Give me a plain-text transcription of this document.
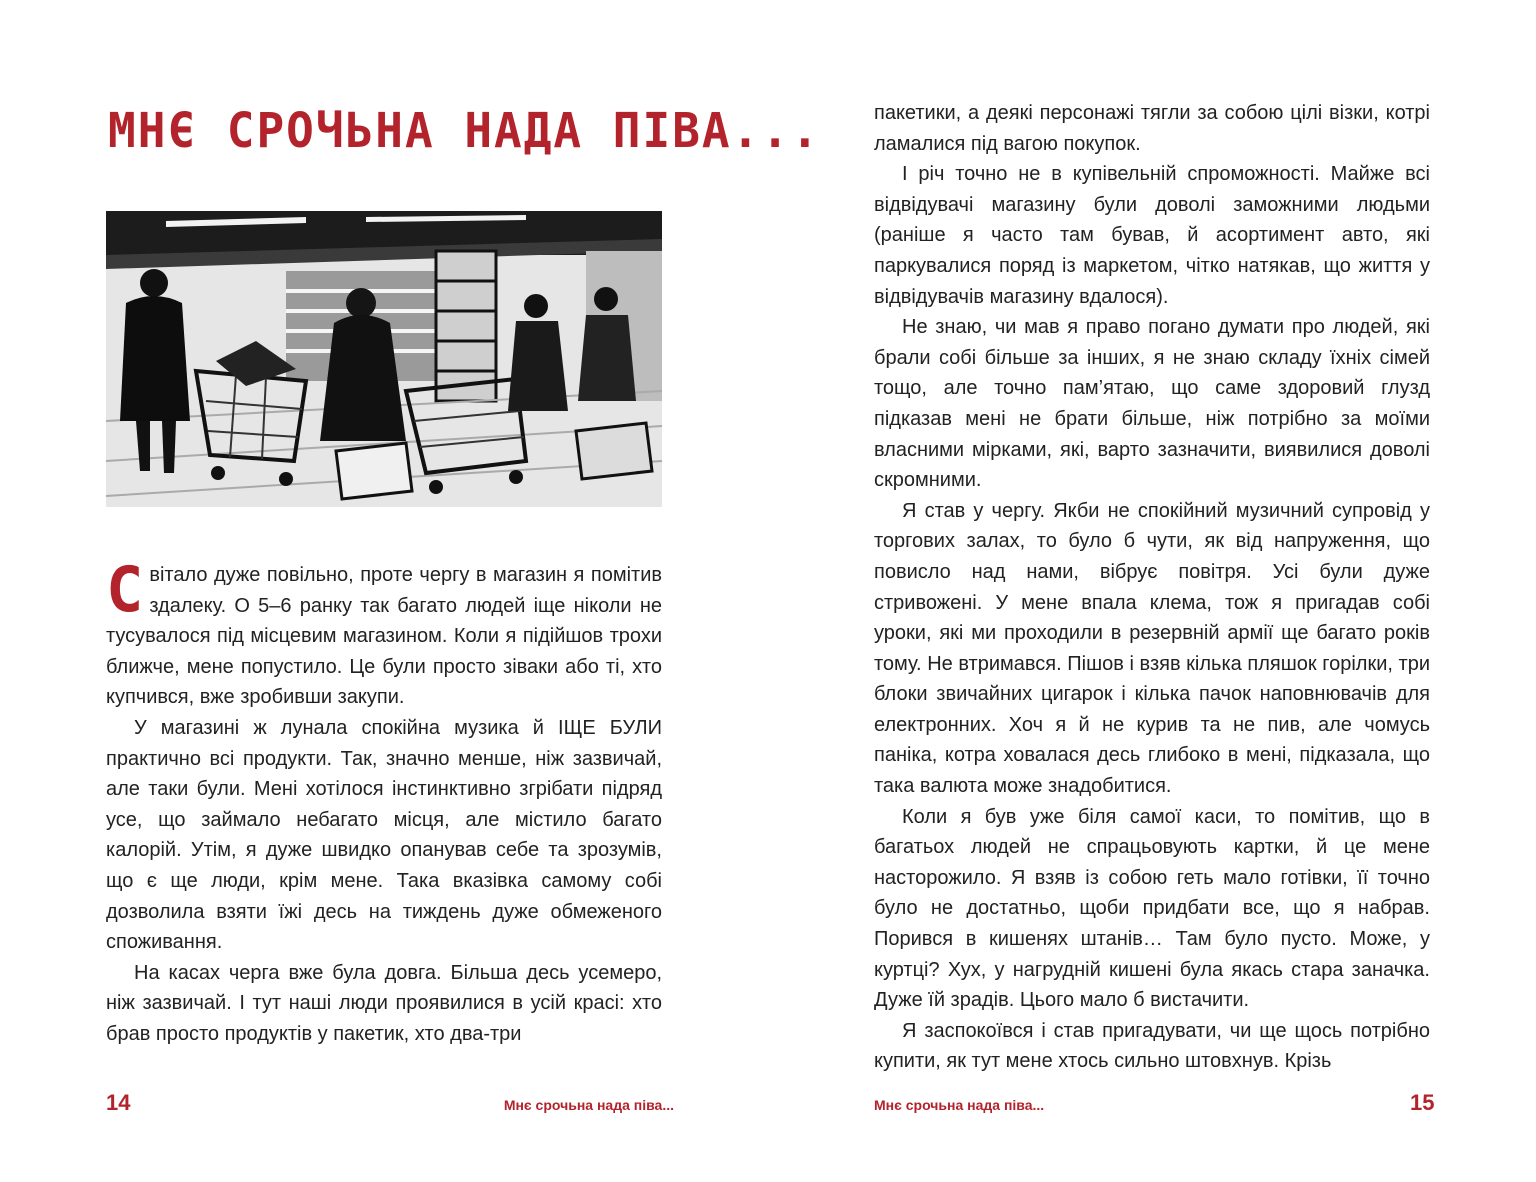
МНЄ СРОЧЬНА НАДА ПІВА...

Світало дуже повільно, проте чергу в магазин я помітив здалеку. О 5–6 ранку так багато людей іще ніколи не тусувалося під місцевим магазином. Коли я підійшов трохи ближче, мене попустило. Це були просто зіваки або ті, хто купчився, вже зробивши закупи.

У магазині ж лунала спокійна музика й ІЩЕ БУЛИ практично всі продукти. Так, значно менше, ніж зазвичай, але таки були. Мені хотілося інстинктивно згрібати підряд усе, що займало небагато місця, але містило багато калорій. Утім, я дуже швидко опанував себе та зрозумів, що є ще люди, крім мене. Така вказівка самому собі дозволила взяти їжі десь на тиждень дуже обмеженого споживання.

На касах черга вже була довга. Більша десь усемеро, ніж зазвичай. І тут наші люди проявилися в усій красі: хто брав просто продуктів у пакетик, хто два-три

14	Мнє срочьна нада піва...

пакетики, а деякі персонажі тягли за собою цілі візки, котрі ламалися під вагою покупок.

І річ точно не в купівельній спроможності. Майже всі відвідувачі магазину були доволі заможними людьми (раніше я часто там бував, й асортимент авто, які паркувалися поряд із маркетом, чітко натякав, що життя у відвідувачів магазину вдалося).

Не знаю, чи мав я право погано думати про людей, які брали собі більше за інших, я не знаю складу їхніх сімей тощо, але точно пам’ятаю, що саме здоровий глузд підказав мені не брати більше, ніж потрібно за моїми власними мірками, які, варто зазначити, виявилися доволі скромними.

Я став у чергу. Якби не спокійний музичний супровід у торгових залах, то було б чути, як від напруження, що повисло над нами, вібрує повітря. Усі були дуже стривожені. У мене впала клема, тож я пригадав собі уроки, які ми проходили в резервній армії ще багато років тому. Не втримався. Пішов і взяв кілька пляшок горілки, три блоки звичайних цигарок і кілька пачок наповнювачів для електронних. Хоч я й не курив та не пив, але чомусь паніка, котра ховалася десь глибоко в мені, підказала, що така валюта може знадобитися.

Коли я був уже біля самої каси, то помітив, що в багатьох людей не спрацьовують картки, й це мене насторожило. Я взяв із собою геть мало готівки, її точно було не достатньо, щоби придбати все, що я набрав. Порився в кишенях штанів… Там було пусто. Може, у куртці? Хух, у нагрудній кишені була якась стара заначка. Дуже їй зрадів. Цього мало б вистачити.

Я заспокоївся і став пригадувати, чи ще щось потрібно купити, як тут мене хтось сильно штовхнув. Крізь

Мнє срочьна нада піва...	15
